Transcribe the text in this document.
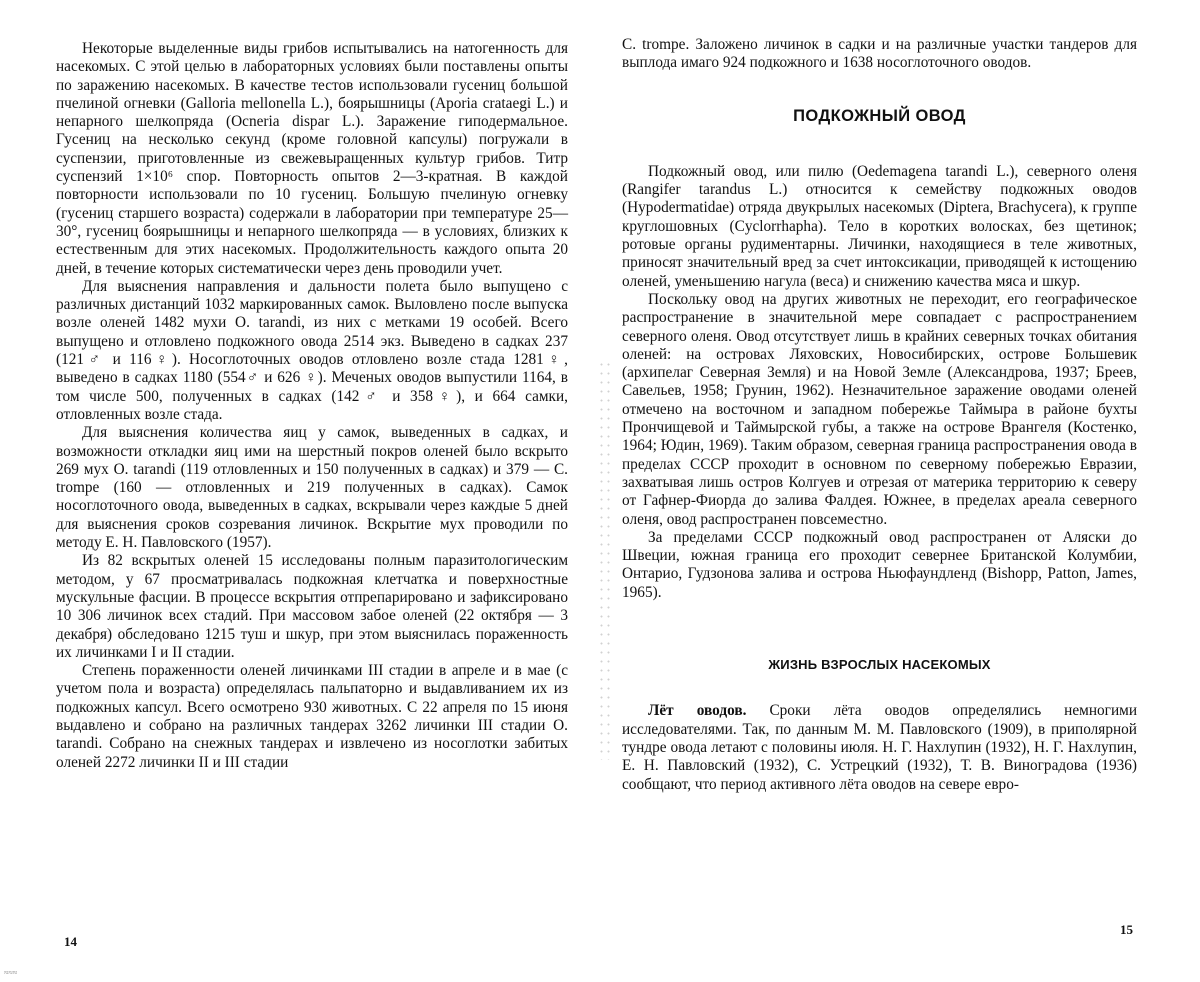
Некоторые выделенные виды грибов испытывались на натогенность для насекомых. С этой целью в лабораторных условиях были поставлены опыты по заражению насекомых. В качестве тестов использовали гусениц большой пчелиной огневки (Galloria mellonella L.), боярышницы (Aporia crataegi L.) и непарного шелкопряда (Ocneria dispar L.). Заражение гиподермальное. Гусениц на несколько секунд (кроме головной капсулы) погружали в суспензии, приготовленные из свежевыращенных культур грибов. Титр суспензий 1×10⁶ спор. Повторность опытов 2—3-кратная. В каждой повторности использовали по 10 гусениц. Большую пчелиную огневку (гусениц старшего возраста) содержали в лаборатории при температуре 25—30°, гусениц боярышницы и непарного шелкопряда — в условиях, близких к естественным для этих насекомых. Продолжительность каждого опыта 20 дней, в течение которых систематически через день проводили учет.

Для выяснения направления и дальности полета было выпущено с различных дистанций 1032 маркированных самок. Выловлено после выпуска возле оленей 1482 мухи O. tarandi, из них с метками 19 особей. Всего выпущено и отловлено подкожного овода 2514 экз. Выведено в садках 237 (121♂ и 116♀). Носоглоточных оводов отловлено возле стада 1281♀, выведено в садках 1180 (554♂ и 626 ♀). Меченых оводов выпустили 1164, в том числе 500, полученных в садках (142♂ и 358♀), и 664 самки, отловленных возле стада.

Для выяснения количества яиц у самок, выведенных в садках, и возможности откладки яиц ими на шерстный покров оленей было вскрыто 269 мух O. tarandi (119 отловленных и 150 полученных в садках) и 379 — C. trompe (160 — отловленных и 219 полученных в садках). Самок носоглоточного овода, выведенных в садках, вскрывали через каждые 5 дней для выяснения сроков созревания личинок. Вскрытие мух проводили по методу Е. Н. Павловского (1957).

Из 82 вскрытых оленей 15 исследованы полным паразитологическим методом, у 67 просматривалась подкожная клетчатка и поверхностные мускульные фасции. В процессе вскрытия отпрепарировано и зафиксировано 10 306 личинок всех стадий. При массовом забое оленей (22 октября — 3 декабря) обследовано 1215 туш и шкур, при этом выяснилась пораженность их личинками I и II стадии.

Степень пораженности оленей личинками III стадии в апреле и в мае (с учетом пола и возраста) определялась пальпаторно и выдавливанием их из подкожных капсул. Всего осмотрено 930 животных. С 22 апреля по 15 июня выдавлено и собрано на различных тандерах 3262 личинки III стадии O. tarandi. Собрано на снежных тандерах и извлечено из носоглотки забитых оленей 2272 личинки II и III стадии

14
≈≈≈

C. trompe. Заложено личинок в садки и на различные участки тандеров для выплода имаго 924 подкожного и 1638 носоглоточного оводов.

ПОДКОЖНЫЙ ОВОД

Подкожный овод, или пилю (Oedemagena tarandi L.), северного оленя (Rangifer tarandus L.) относится к семейству подкожных оводов (Hypodermatidae) отряда двукрылых насекомых (Diptera, Brachycera), к группе круглошовных (Cyclorrhapha). Тело в коротких волосках, без щетинок; ротовые органы рудиментарны. Личинки, находящиеся в теле животных, приносят значительный вред за счет интоксикации, приводящей к истощению оленей, уменьшению нагула (веса) и снижению качества мяса и шкур.

Поскольку овод на других животных не переходит, его географическое распространение в значительной мере совпадает с распространением северного оленя. Овод отсутствует лишь в крайних северных точках обитания оленей: на островах Ляховских, Новосибирских, острове Большевик (архипелаг Северная Земля) и на Новой Земле (Александрова, 1937; Бреев, Савельев, 1958; Грунин, 1962). Незначительное заражение оводами оленей отмечено на восточном и западном побережье Таймыра в районе бухты Прончищевой и Таймырской губы, а также на острове Врангеля (Костенко, 1964; Юдин, 1969). Таким образом, северная граница распространения овода в пределах СССР проходит в основном по северному побережью Евразии, захватывая лишь остров Колгуев и отрезая от материка территорию к северу от Гафнер-Фиорда до залива Фалдея. Южнее, в пределах ареала северного оленя, овод распространен повсеместно.

За пределами СССР подкожный овод распространен от Аляски до Швеции, южная граница его проходит севернее Британской Колумбии, Онтарио, Гудзонова залива и острова Ньюфаундленд (Bishopp, Patton, James, 1965).

ЖИЗНЬ ВЗРОСЛЫХ НАСЕКОМЫХ

Лёт оводов. Сроки лёта оводов определялись немногими исследователями. Так, по данным М. М. Павловского (1909), в приполярной тундре овода летают с половины июля. Н. Г. Нахлупин (1932), Н. Г. Нахлупин, Е. Н. Павловский (1932), С. Устрецкий (1932), Т. В. Виноградова (1936) сообщают, что период активного лёта оводов на севере евро-

15
